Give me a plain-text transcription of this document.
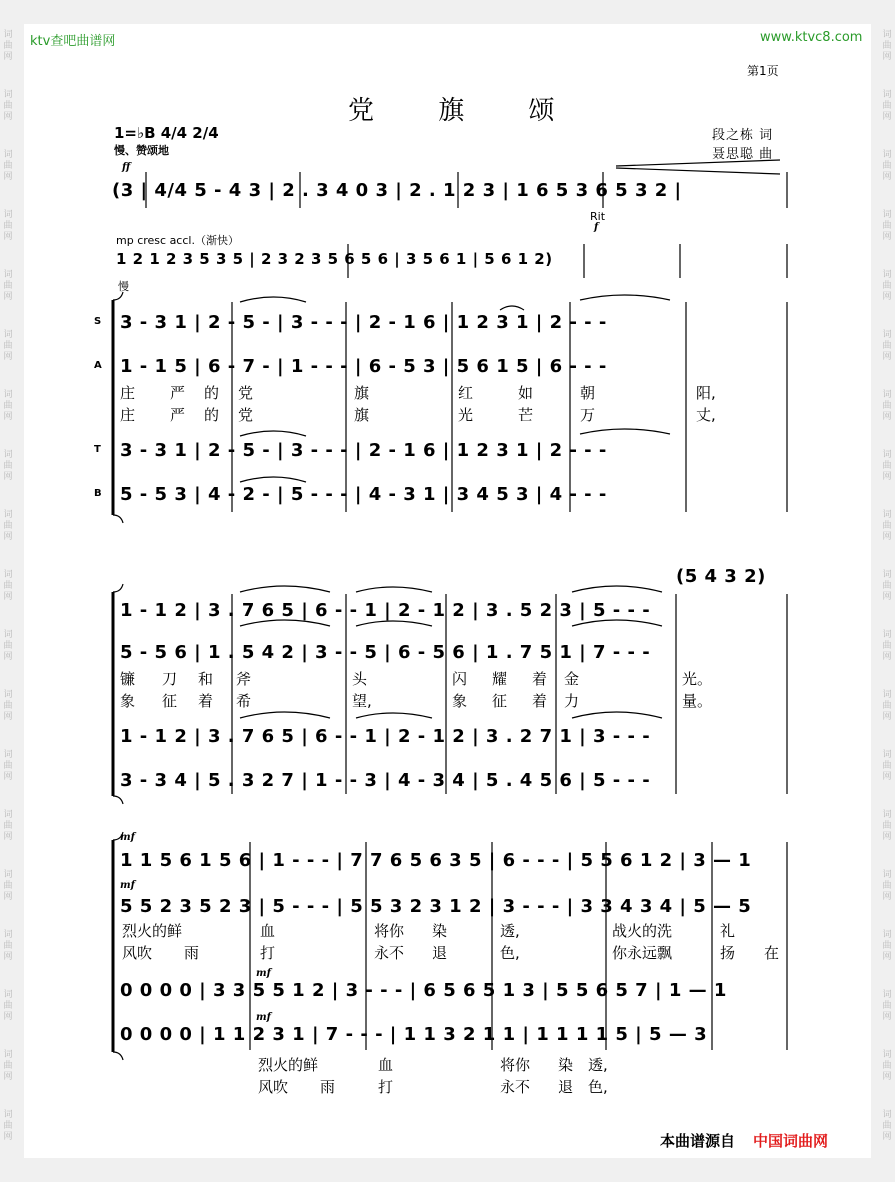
词
曲
网
词
曲
网
词
曲
网
词
曲
网
词
曲
网
词
曲
网
词
曲
网
词
曲
网
词
曲
网
词
曲
网
词
曲
网
词
曲
网
词
曲
网
词
曲
网
词
曲
网
词
曲
网
词
曲
网
词
曲
网
词
曲
网
词
曲
网
词
曲
网
词
曲
网
词
曲
网
词
曲
网
词
曲
网
词
曲
网
词
曲
网
词
曲
网
词
曲
网
词
曲
网
词
曲
网
词
曲
网
词
曲
网
词
曲
网
词
曲
网
词
曲
网
词
曲
网
词
曲
网
ktv查吧曲谱网	www.ktvc8.com
第1页
党 旗 颂
1=♭B 4/4 2/4
慢、赞颂地
段之栋 词
聂思聪 曲
ff
(3 | 4/4 5 - 4 3 | 2 . 3 4 0 3 | 2 . 1 2 3 | 1 6 5 3 6 5 3 2 |
Rit
f
mp cresc accl.（渐快）
1 2 1 2 3 5 3 5 | 2 3 2 3 5 6 5 6 | 3 5 6 1 | 5 6 1 2)
慢
S
A
T
B
3 - 3 1 | 2 - 5 - | 3 - - - | 2 - 1 6 | 1 2 3 1 | 2 - - -
1 - 1 5 | 6 - 7 - | 1 - - - | 6 - 5 3 | 5 6 1 5 | 6 - - -
庄 严 的 党	旗	红	如	朝	阳,
庄 严 的 党	旗	光	芒	万	丈,
3 - 3 1 | 2 - 5 - | 3 - - - | 2 - 1 6 | 1 2 3 1 | 2 - - -
5 - 5 3 | 4 - 2 - | 5 - - - | 4 - 3 1 | 3 4 5 3 | 4 - - -
(5 4 3 2)
1 - 1 2 | 3 . 7 6 5 | 6 - - 1 | 2 - 1 2 | 3 . 5 2 3 | 5 - - -
5 - 5 6 | 1 . 5 4 2 | 3 - - 5 | 6 - 5 6 | 1 . 7 5 1 | 7 - - -
镰 刀 和 斧	头	闪 耀 着 金	光。
象 征 着 希	望,	象 征 着 力	量。
1 - 1 2 | 3 . 7 6 5 | 6 - - 1 | 2 - 1 2 | 3 . 2 7 1 | 3 - - -
3 - 3 4 | 5 . 3 2 7 | 1 - - 3 | 4 - 3 4 | 5 . 4 5 6 | 5 - - -
mf
1 1 5 6 1 5 6 | 1 - - - | 7 7 6 5 6 3 5 | 6 - - - | 5 5 6 1 2 | 3 — 1
mf
5 5 2 3 5 2 3 | 5 - - - | 5 5 3 2 3 1 2 | 3 - - - | 3 3 4 3 4 | 5 — 5
烈火的鲜	血	将你 染	透,	战火的洗	礼
风吹 雨	打	永不 退	色,	你永远飘	扬 在
mf
0 0 0 0 | 3 3 5 5 1 2 | 3 - - - | 6 5 6 5 1 3 | 5 5 6 5 7 | 1 — 1
mf
0 0 0 0 | 1 1 2 3 1 | 7 - - - | 1 1 3 2 1 1 | 1 1 1 1 5 | 5 — 3
烈火的鲜	血	将你 染 透,
风吹 雨	打	永不 退 色,
本曲谱源自 中国词曲网
